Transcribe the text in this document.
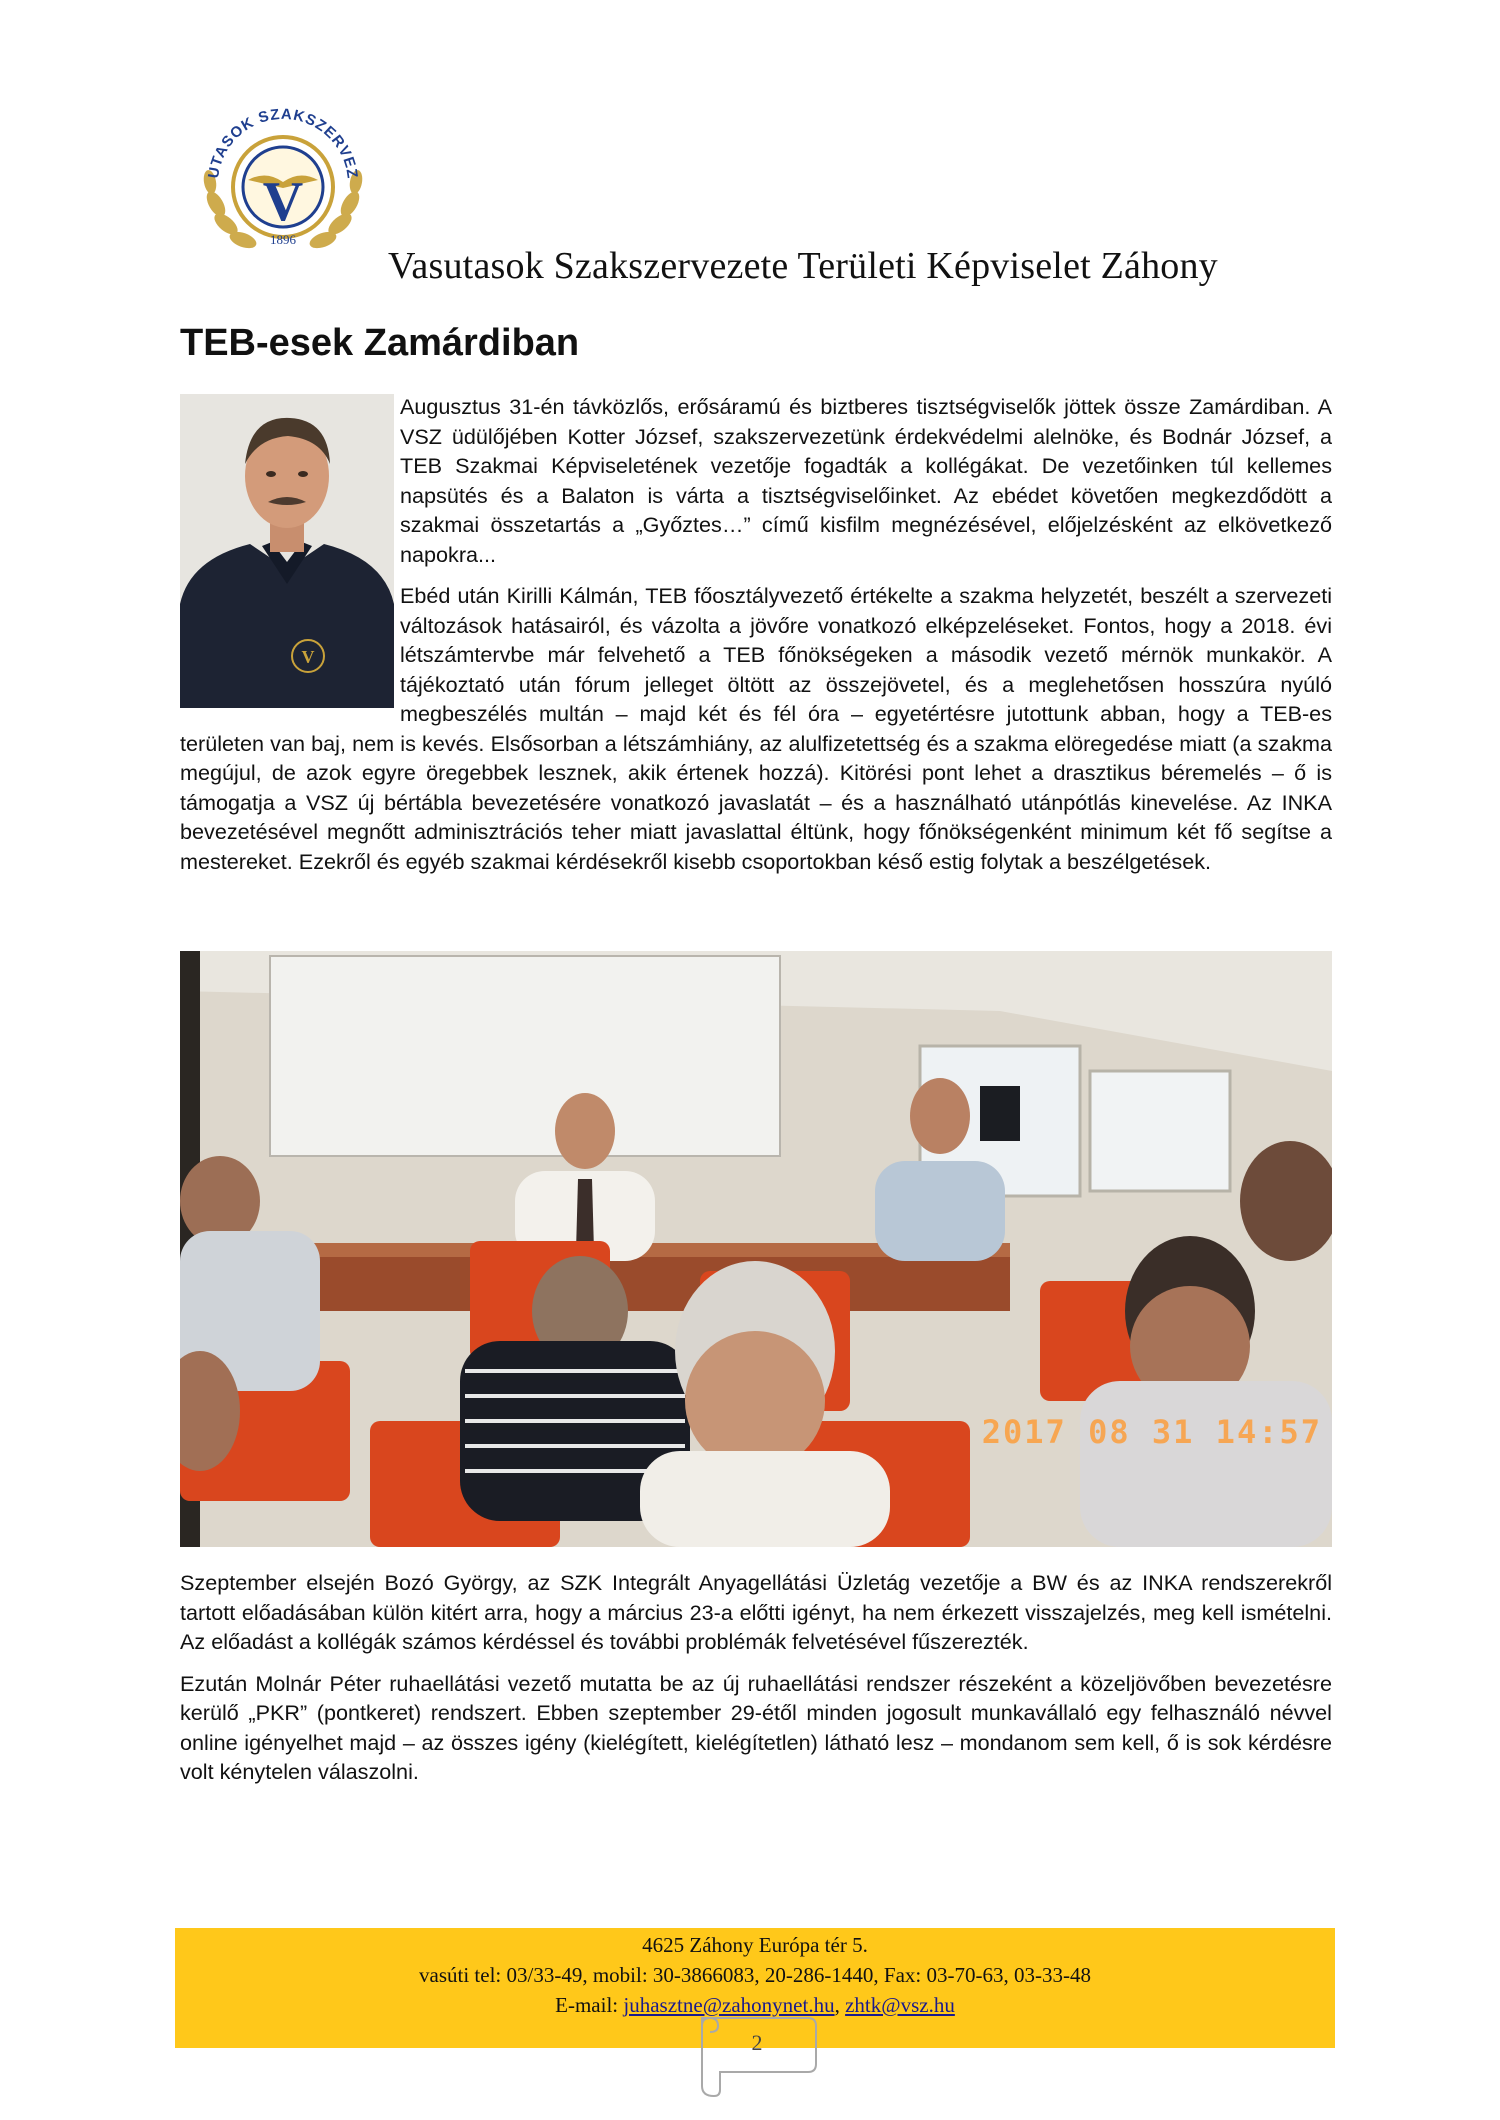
V
UTASOK SZAKSZERVEZ
1896
Vasutasok Szakszervezete Területi Képviselet Záhony
TEB-esek Zamárdiban
V

Augusztus 31-én távközlős, erősáramú és biztberes tisztségviselők jöttek össze Zamárdiban. A VSZ üdülőjében Kotter József, szakszervezetünk érdekvédelmi alelnöke, és Bodnár József, a TEB Szakmai Képviseletének vezetője fogadták a kollégákat. De vezetőinken túl kellemes napsütés és a Balaton is várta a tisztségviselőinket. Az ebédet követően megkezdődött a szakmai összetartás a „Győztes…” című kisfilm megnézésével, előjelzésként az elkövetkező napokra...

Ebéd után Kirilli Kálmán, TEB főosztályvezető értékelte a szakma helyzetét, beszélt a szervezeti változások hatásairól, és vázolta a jövőre vonatkozó elképzeléseket. Fontos, hogy a 2018. évi létszámtervbe már felvehető a TEB főnökségeken a második vezető mérnök munkakör. A tájékoztató után fórum jelleget öltött az összejövetel, és a meglehetősen hosszúra nyúló megbeszélés multán – majd két és fél óra – egyetértésre jutottunk abban, hogy a TEB-es területen van baj, nem is kevés. Elsősorban a létszámhiány, az alulfizetettség és a szakma elöregedése miatt (a szakma megújul, de azok egyre öregebbek lesznek, akik értenek hozzá). Kitörési pont lehet a drasztikus béremelés – ő is támogatja a VSZ új bértábla bevezetésére vonatkozó javaslatát – és a használható utánpótlás kinevelése. Az INKA bevezetésével megnőtt adminisztrációs teher miatt javaslattal éltünk, hogy főnökségenként minimum két fő segítse a mestereket. Ezekről és egyéb szakmai kérdésekről kisebb csoportokban késő estig folytak a beszélgetések.

2017 08 31 14:57

Szeptember elsején Bozó György, az SZK Integrált Anyagellátási Üzletág vezetője a BW és az INKA rendszerekről tartott előadásában külön kitért arra, hogy a március 23-a előtti igényt, ha nem érkezett visszajelzés, meg kell ismételni. Az előadást a kollégák számos kérdéssel és további problémák felvetésével fűszerezték.

Ezután Molnár Péter ruhaellátási vezető mutatta be az új ruhaellátási rendszer részeként a közeljövőben bevezetésre kerülő „PKR” (pontkeret) rendszert. Ebben szeptember 29-étől minden jogosult munkavállaló egy felhasználó névvel online igényelhet majd – az összes igény (kielégített, kielégítetlen) látható lesz – mondanom sem kell, ő is sok kérdésre volt kénytelen válaszolni.

4625 Záhony Európa tér 5.
vasúti tel: 03/33-49, mobil: 30-3866083, 20-286-1440, Fax: 03-70-63, 03-33-48
E-mail: juhasztne@zahonynet.hu, zhtk@vsz.hu
2
